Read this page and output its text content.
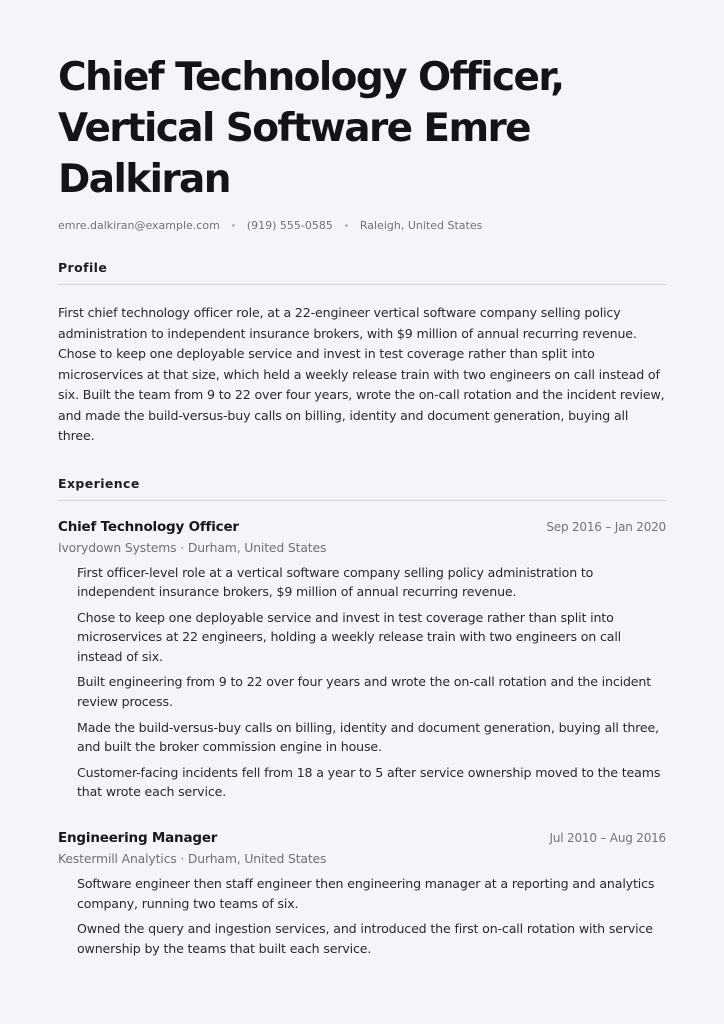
Chief Technology Officer, Vertical Software Emre Dalkiran
emre.dalkiran@example.com (919) 555-0585 Raleigh, United States
Profile

First chief technology officer role, at a 22-engineer vertical software company selling policy administration to independent insurance brokers, with $9 million of annual recurring revenue. Chose to keep one deployable service and invest in test coverage rather than split into microservices at that size, which held a weekly release train with two engineers on call instead of six. Built the team from 9 to 22 over four years, wrote the on-call rotation and the incident review, and made the build-versus-buy calls on billing, identity and document generation, buying all three.

Experience
Chief Technology Officer	Sep 2016 – Jan 2020
Ivorydown Systems · Durham, United States
First officer-level role at a vertical software company selling policy administration to independent insurance brokers, $9 million of annual recurring revenue.
Chose to keep one deployable service and invest in test coverage rather than split into microservices at 22 engineers, holding a weekly release train with two engineers on call instead of six.
Built engineering from 9 to 22 over four years and wrote the on-call rotation and the incident review process.
Made the build-versus-buy calls on billing, identity and document generation, buying all three, and built the broker commission engine in house.
Customer-facing incidents fell from 18 a year to 5 after service ownership moved to the teams that wrote each service.
Engineering Manager	Jul 2010 – Aug 2016
Kestermill Analytics · Durham, United States
Software engineer then staff engineer then engineering manager at a reporting and analytics company, running two teams of six.
Owned the query and ingestion services, and introduced the first on-call rotation with service ownership by the teams that built each service.
